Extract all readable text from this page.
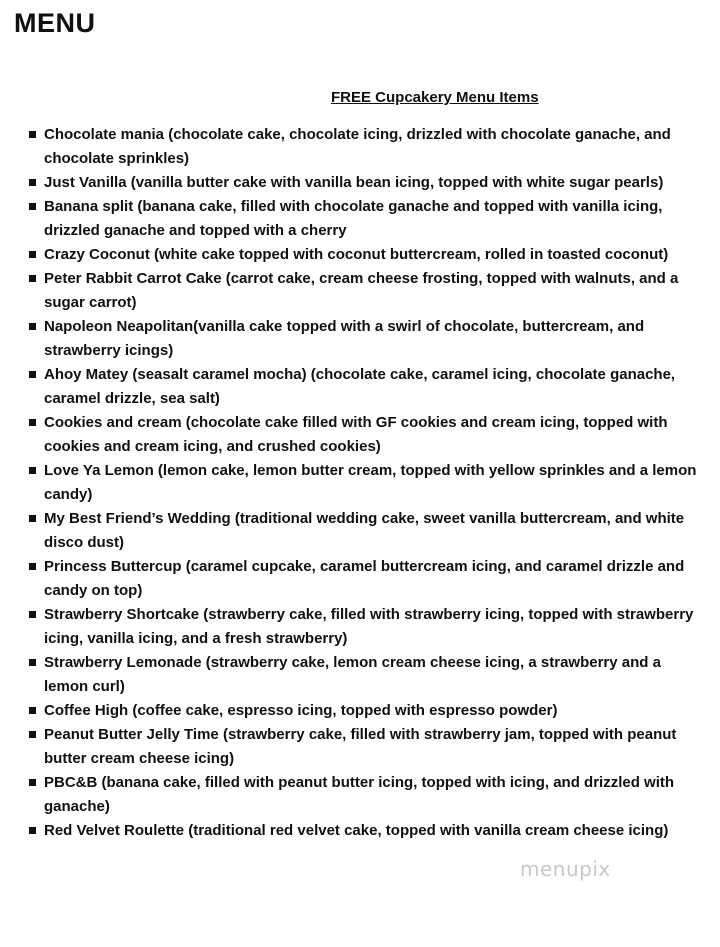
MENU
FREE Cupcakery Menu Items
Chocolate mania (chocolate cake, chocolate icing, drizzled with chocolate ganache, and chocolate sprinkles)
Just Vanilla (vanilla butter cake with vanilla bean icing, topped with white sugar pearls)
Banana split (banana cake, filled with chocolate ganache and topped with vanilla icing, drizzled ganache and topped with a cherry
Crazy Coconut (white cake topped with coconut buttercream, rolled in toasted coconut)
Peter Rabbit Carrot Cake (carrot cake, cream cheese frosting, topped with walnuts, and a sugar carrot)
Napoleon Neapolitan(vanilla cake topped with a swirl of chocolate, buttercream, and strawberry icings)
Ahoy Matey (seasalt caramel mocha) (chocolate cake, caramel icing, chocolate ganache, caramel drizzle, sea salt)
Cookies and cream (chocolate cake filled with GF cookies and cream icing, topped with cookies and cream icing, and crushed cookies)
Love Ya Lemon (lemon cake, lemon butter cream, topped with yellow sprinkles and a lemon candy)
My Best Friend’s Wedding (traditional wedding cake, sweet vanilla buttercream, and white disco dust)
Princess Buttercup (caramel cupcake, caramel buttercream icing, and caramel drizzle and candy on top)
Strawberry Shortcake (strawberry cake, filled with strawberry icing, topped with strawberry icing, vanilla icing, and a fresh strawberry)
Strawberry Lemonade (strawberry cake, lemon cream cheese icing, a strawberry and a lemon curl)
Coffee High (coffee cake, espresso icing, topped with espresso powder)
Peanut Butter Jelly Time (strawberry cake, filled with strawberry jam, topped with peanut butter cream cheese icing)
PBC&B (banana cake, filled with peanut butter icing, topped with icing, and drizzled with ganache)
Red Velvet Roulette (traditional red velvet cake, topped with vanilla cream cheese icing)
menupix
